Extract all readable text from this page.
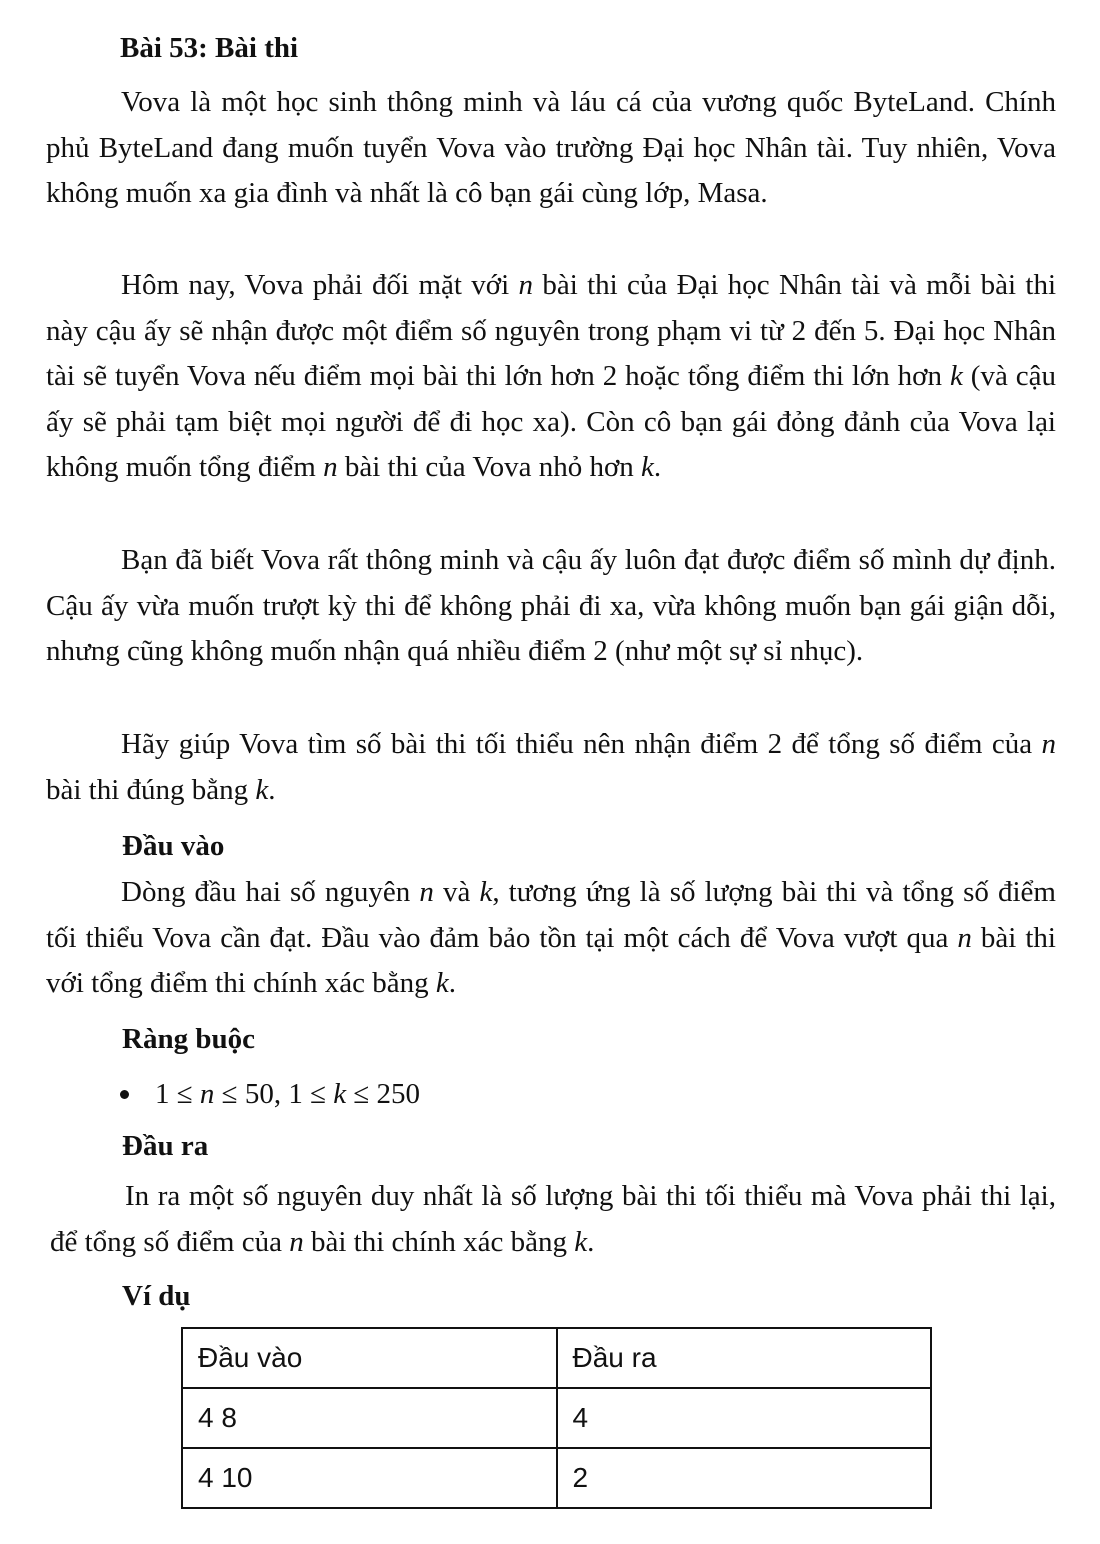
Bài 53: Bài thi

Vova là một học sinh thông minh và láu cá của vương quốc ByteLand. Chính phủ ByteLand đang muốn tuyển Vova vào trường Đại học Nhân tài. Tuy nhiên, Vova không muốn xa gia đình và nhất là cô bạn gái cùng lớp, Masa.

Hôm nay, Vova phải đối mặt với n bài thi của Đại học Nhân tài và mỗi bài thi này cậu ấy sẽ nhận được một điểm số nguyên trong phạm vi từ 2 đến 5. Đại học Nhân tài sẽ tuyển Vova nếu điểm mọi bài thi lớn hơn 2 hoặc tổng điểm thi lớn hơn k (và cậu ấy sẽ phải tạm biệt mọi người để đi học xa). Còn cô bạn gái đỏng đảnh của Vova lại không muốn tổng điểm n bài thi của Vova nhỏ hơn k.

Bạn đã biết Vova rất thông minh và cậu ấy luôn đạt được điểm số mình dự định. Cậu ấy vừa muốn trượt kỳ thi để không phải đi xa, vừa không muốn bạn gái giận dỗi, nhưng cũng không muốn nhận quá nhiều điểm 2 (như một sự sỉ nhục).

Hãy giúp Vova tìm số bài thi tối thiểu nên nhận điểm 2 để tổng số điểm của n bài thi đúng bằng k.

Đầu vào

Dòng đầu hai số nguyên n và k, tương ứng là số lượng bài thi và tổng số điểm tối thiểu Vova cần đạt. Đầu vào đảm bảo tồn tại một cách để Vova vượt qua n bài thi với tổng điểm thi chính xác bằng k.

Ràng buộc
1 ≤ n ≤ 50, 1 ≤ k ≤ 250
Đầu ra

In ra một số nguyên duy nhất là số lượng bài thi tối thiểu mà Vova phải thi lại, để tổng số điểm của n bài thi chính xác bằng k.

Ví dụ
Đầu vào	Đầu ra
4 8	4
4 10	2
